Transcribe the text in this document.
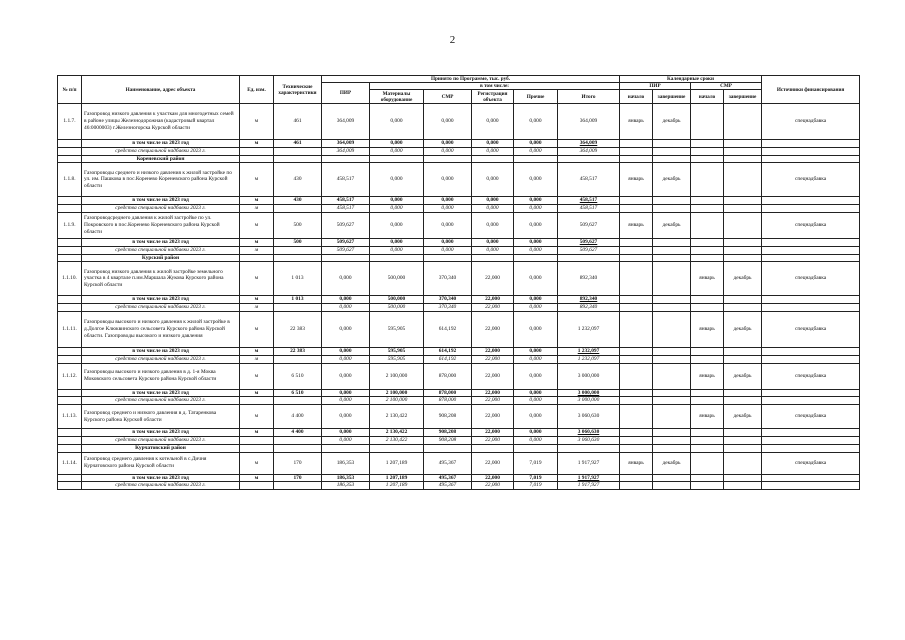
2
№ п/п	Наименование, адрес объекта	Ед. изм.	Технические характеристики	Принято по Программе, тыс. руб.						Календарные сроки				Источники финансирования
				ПИР	в том числе:					ПИР		СМР		
					Материалы оборудование	СМР	Регистрация объекта	Прочие	Итого	начало	завершение	начало	завершение	
1.1.7.	Газопровод низкого давления к участкам для многодетных семей в районе улицы Железнодорожная (кадастровый квартал 46:0000003) г.Железногорска Курской области	м	461	364,009	0,000	0,000	0,000	0,000	364,009	январь	декабрь			спецнадбавка
	в том числе на 2023 год	м	461	364,009	0,000	0,000	0,000	0,000	364,009					
	средства специальной надбавки 2023 г.			364,009	0,000	0,000	0,000	0,000	364,009					
	Кореневский район													
1.1.8.	Газопроводы среднего и низкого давления к жилой застройке по ул. им. Пашкова в пос.Коренево Кореневского района Курской области	м	430	458,517	0,000	0,000	0,000	0,000	458,517	январь	декабрь			спецнадбавка
	в том числе на 2023 год	м	430	458,517	0,000	0,000	0,000	0,000	458,517					
	средства специальной надбавки 2023 г.	м		458,517	0,000	0,000	0,000	0,000	458,517					
1.1.9.	Газопроводсреднего давления к жилой застройке по ул. Покровского в пос.Коренево Кореневского района Курской области	м	500	509,627	0,000	0,000	0,000	0,000	509,627	январь	декабрь			спецнадбавка
	в том числе на 2023 год	м	500	509,627	0,000	0,000	0,000	0,000	509,627					
	средства специальной надбавки 2023 г.	м		509,627	0,000	0,000	0,000	0,000	509,627					
	Курский район													
1.1.10.	Газопровод низкого давления к жилой застройке земельного участка в 4 квартале п.им.Маршала Жукова Курского района Курской области	м	1 013	0,000	500,000	370,340	22,000	0,000	892,340			январь	декабрь	спецнадбавка
	в том числе на 2023 год	м	1 013	0,000	500,000	370,340	22,000	0,000	892,340					
	средства специальной надбавки 2023 г.	м		0,000	500,000	370,340	22,000	0,000	892,340					
1.1.11.	Газопроводы высокого и низкого давления к жилой застройке в д.Долгое Клюквинского сельсовета Курского района Курской области. Газопроводы высокого и низкого давления	м	22 383	0,000	595,905	614,192	22,000	0,000	1 232,097			январь	декабрь	спецнадбавка
	в том числе на 2023 год	м	22 383	0,000	595,905	614,192	22,000	0,000	1 232,097					
	средства специальной надбавки 2023 г.	м		0,000	595,905	614,192	22,000	0,000	1 232,097					
1.1.12.	Газопроводы высокого и низкого давления в д. 1-я Моква Моковского сельсовета Курского района Курской области	м	6 510	0,000	2 100,000	878,000	22,000	0,000	3 000,000			январь	декабрь	спецнадбавка
	в том числе на 2023 год	м	6 510	0,000	2 100,000	878,000	22,000	0,000	3 000,000					
	средства специальной надбавки 2023 г.			0,000	2 100,000	878,000	22,000	0,000	3 000,000					
1.1.13.	Газопровод среднего и низкого давления в д. Татаренкова Курского района Курской области	м	4 400	0,000	2 130,422	908,208	22,000	0,000	3 060,630			январь	декабрь	спецнадбавка
	в том числе на 2023 год	м	4 400	0,000	2 130,422	908,208	22,000	0,000	3 060,630					
	средства специальной надбавки 2023 г.			0,000	2 130,422	908,208	22,000	0,000	3 060,630					
	Курчатовский район													
1.1.14.	Газопровод среднего давления к котельной в с.Дичня Курчатовского района Курской области	м	170	186,353	1 207,189	495,367	22,000	7,019	1 917,927	январь	декабрь			спецнадбавка
	в том числе на 2023 год	м	170	186,353	1 207,189	495,367	22,000	7,019	1 917,927					
	средства специальной надбавки 2023 г.			186,353	1 207,189	495,367	22,000	7,019	1 917,927					
